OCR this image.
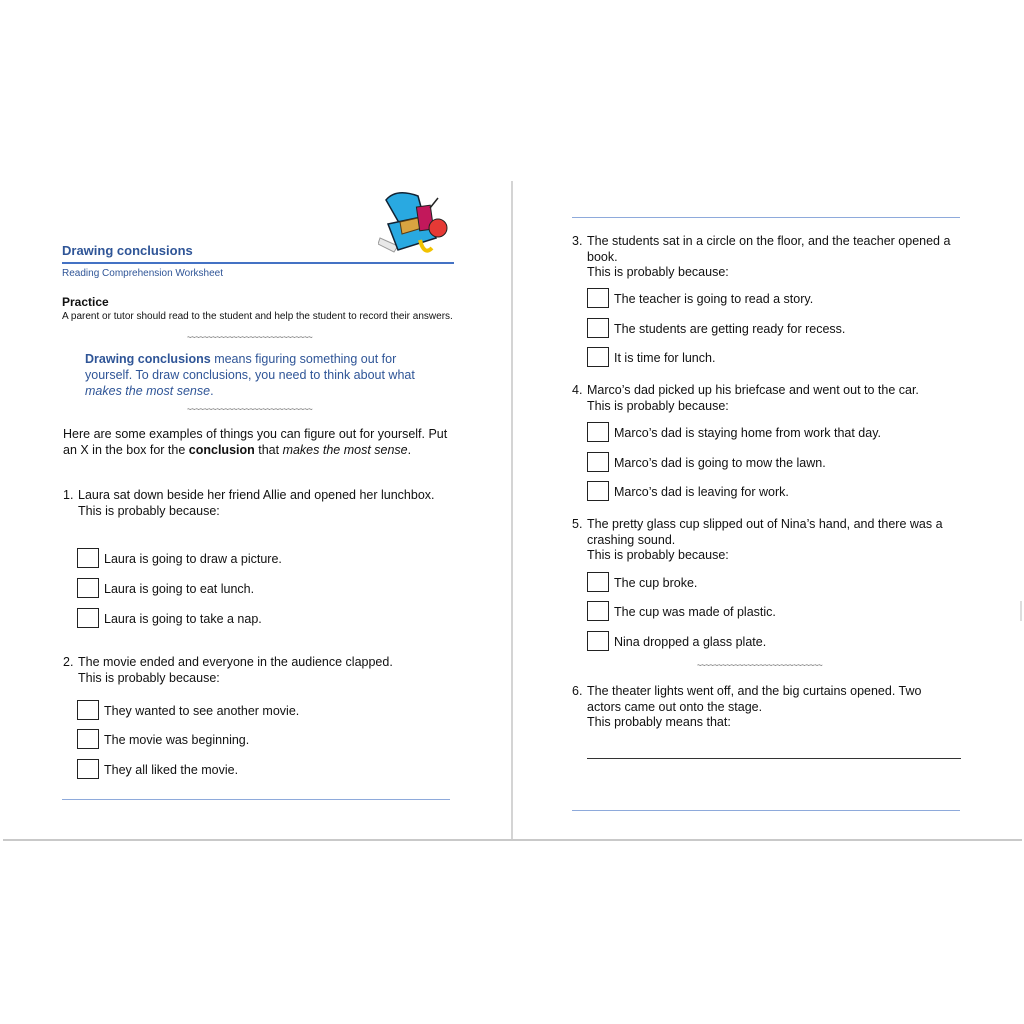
Drawing conclusions

Reading Comprehension Worksheet

Practice

A parent or tutor should read to the student and help the student to record their answers.

~~~~~~~~~~~~~~~~~~~~~~~~~~~~~~

Drawing conclusions means figuring something out for yourself. To draw conclusions, you need to think about what makes the most sense.

~~~~~~~~~~~~~~~~~~~~~~~~~~~~~~

Here are some examples of things you can figure out for yourself. Put an X in the box for the conclusion that makes the most sense.

1. Laura sat down beside her friend Allie and opened her lunchbox.
This is probably because:
Laura is going to draw a picture.
Laura is going to eat lunch.
Laura is going to take a nap.
2. The movie ended and everyone in the audience clapped.
This is probably because:
They wanted to see another movie.
The movie was beginning.
They all liked the movie.
3. The students sat in a circle on the floor, and the teacher opened a book.
This is probably because:
The teacher is going to read a story.
The students are getting ready for recess.
It is time for lunch.
4. Marco’s dad picked up his briefcase and went out to the car.
This is probably because:
Marco’s dad is staying home from work that day.
Marco’s dad is going to mow the lawn.
Marco’s dad is leaving for work.
5. The pretty glass cup slipped out of Nina’s hand, and there was a crashing sound.
This is probably because:
The cup broke.
The cup was made of plastic.
Nina dropped a glass plate.
~~~~~~~~~~~~~~~~~~~~~~~~~~~~~~
6. The theater lights went off, and the big curtains opened. Two actors came out onto the stage.
This probably means that:
